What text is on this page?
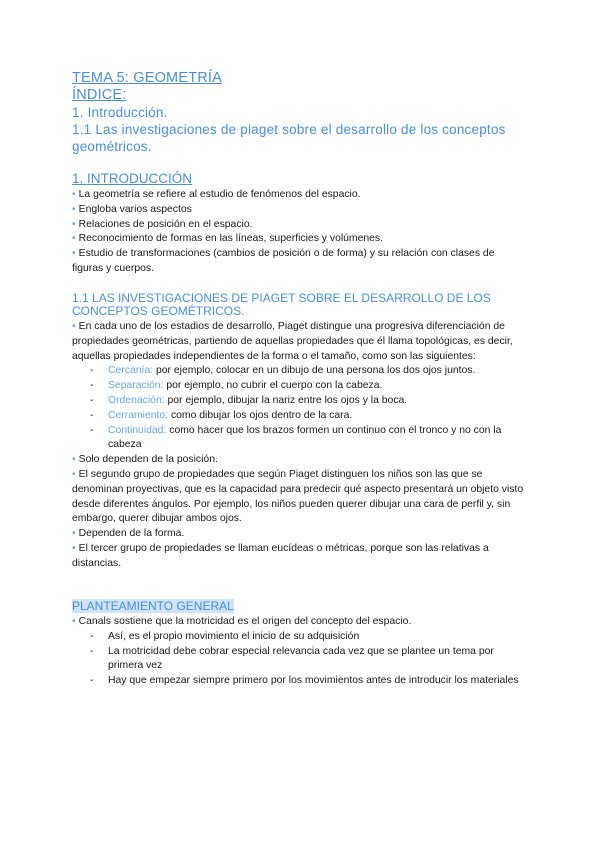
TEMA 5: GEOMETRÍA
ÍNDICE:
1. Introducción.
1.1 Las investigaciones de piaget sobre el desarrollo de los conceptos geométricos.
1. INTRODUCCIÓN

• La geometría se refiere al estudio de fenómenos del espacio.

• Engloba varios aspectos

• Relaciones de posición en el espacio.

• Reconocimiento de formas en las líneas, superficies y volúmenes.

• Estudio de transformaciones (cambios de posición o de forma) y su relación con clases de figuras y cuerpos.

1.1 LAS INVESTIGACIONES DE PIAGET SOBRE EL DESARROLLO DE LOS CONCEPTOS GEOMÉTRICOS.

• En cada uno de los estadios de desarrollo, Piaget distingue una progresiva diferenciación de propiedades geométricas, partiendo de aquellas propiedades que él llama topológicas, es decir, aquellas propiedades independientes de la forma o el tamaño, como son las siguientes:

- Cercanía: por ejemplo, colocar en un dibujo de una persona los dos ojos juntos.
- Separación: por ejemplo, no cubrir el cuerpo con la cabeza.
- Ordenación: por ejemplo, dibujar la nariz entre los ojos y la boca.
- Cerramiento: como dibujar los ojos dentro de la cara.
- Continuidad: como hacer que los brazos formen un continuo con el tronco y no con la cabeza

• Solo dependen de la posición.

• El segundo grupo de propiedades que según Piaget distinguen los niños son las que se denominan proyectivas, que es la capacidad para predecir qué aspecto presentará un objeto visto desde diferentes ángulos. Por ejemplo, los niños pueden querer dibujar una cara de perfil y, sin embargo, querer dibujar ambos ojos.

• Dependen de la forma.

• El tercer grupo de propiedades se llaman eucídeas o métricas, porque son las relativas a distancias.

PLANTEAMIENTO GENERAL

• Canals sostiene que la motricidad es el origen del concepto del espacio.

- Así, es el propio movimiento el inicio de su adquisición
- La motricidad debe cobrar especial relevancia cada vez que se plantee un tema por primera vez
- Hay que empezar siempre primero por los movimientos antes de introducir los materiales
